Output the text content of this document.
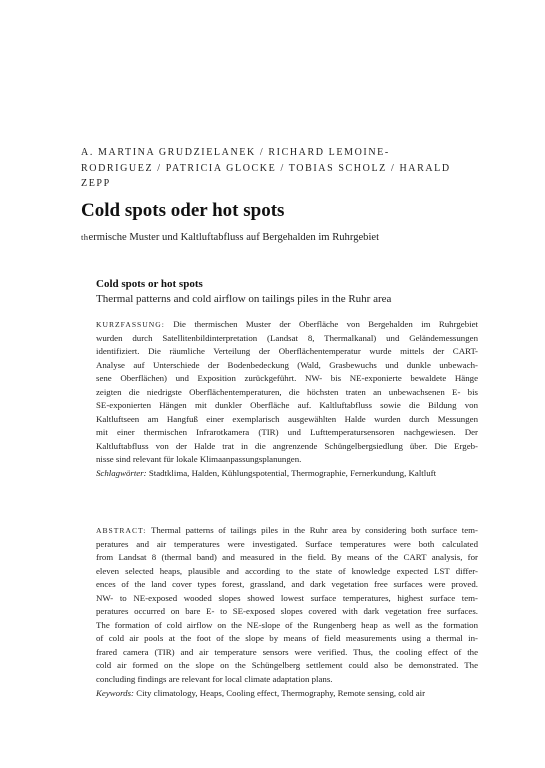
A. MARTINA GRUDZIELANEK / RICHARD LEMOINE-
RODRIGUEZ / PATRICIA GLOCKE / TOBIAS SCHOLZ / HARALD
ZEPP
Cold spots oder hot spots
thermische Muster und Kaltluftabfluss auf Bergehalden im Ruhrgebiet
Cold spots or hot spots
Thermal patterns and cold airflow on tailings piles in the Ruhr area
KURZFASSUNG: Die thermischen Muster der Oberfläche von Bergehalden im Ruhrgebiet
wurden durch Satellitenbildinterpretation (Landsat 8, Thermalkanal) und Geländemessungen
identifiziert. Die räumliche Verteilung der Oberflächentemperatur wurde mittels der CART-
Analyse auf Unterschiede der Bodenbedeckung (Wald, Grasbewuchs und dunkle unbewach-
sene Oberflächen) und Exposition zurückgeführt. NW- bis NE-exponierte bewaldete Hänge
zeigten die niedrigste Oberflächentemperaturen, die höchsten traten an unbewachsenen E- bis
SE-exponierten Hängen mit dunkler Oberfläche auf. Kaltluftabfluss sowie die Bildung von
Kaltluftseen am Hangfuß einer exemplarisch ausgewählten Halde wurden durch Messungen
mit einer thermischen Infrarotkamera (TIR) und Lufttemperatursensoren nachgewiesen. Der
Kaltluftabfluss von der Halde trat in die angrenzende Schüngelbergsiedlung über. Die Ergeb-
nisse sind relevant für lokale Klimaanpassungsplanungen.
Schlagwörter: Stadtklima, Halden, Kühlungspotential, Thermographie, Fernerkundung, Kaltluft
ABSTRACT: Thermal patterns of tailings piles in the Ruhr area by considering both surface tem-
peratures and air temperatures were investigated. Surface temperatures were both calculated
from Landsat 8 (thermal band) and measured in the field. By means of the CART analysis, for
eleven selected heaps, plausible and according to the state of knowledge expected LST differ-
ences of the land cover types forest, grassland, and dark vegetation free surfaces were proved.
NW- to NE-exposed wooded slopes showed lowest surface temperatures, highest surface tem-
peratures occurred on bare E- to SE-exposed slopes covered with dark vegetation free surfaces.
The formation of cold airflow on the NE-slope of the Rungenberg heap as well as the formation
of cold air pools at the foot of the slope by means of field measurements using a thermal in-
frared camera (TIR) and air temperature sensors were verified. Thus, the cooling effect of the
cold air formed on the slope on the Schüngelberg settlement could also be demonstrated. The
concluding findings are relevant for local climate adaptation plans.
Keywords: City climatology, Heaps, Cooling effect, Thermography, Remote sensing, cold air
